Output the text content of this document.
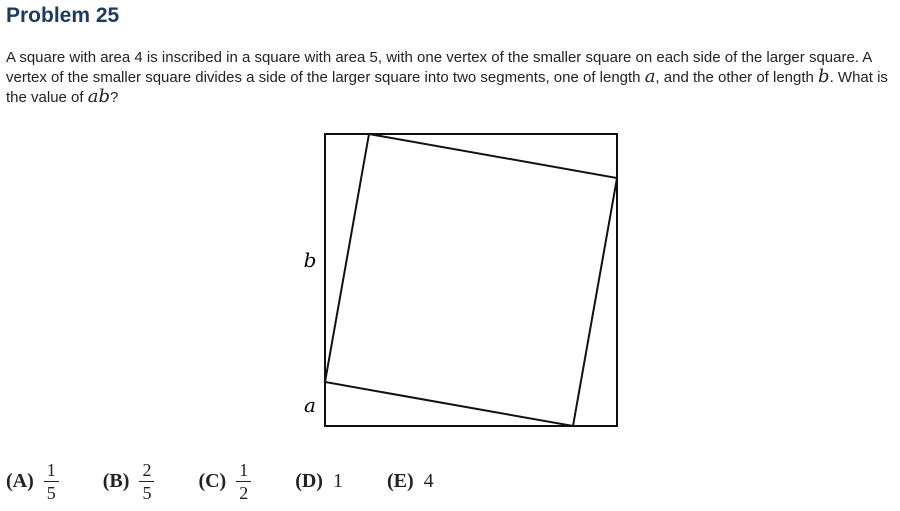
Problem 25
A square with area 4 is inscribed in a square with area 5, with one vertex of the smaller square on each side of the larger square. A vertex of the smaller square divides a side of the larger square into two segments, one of length a, and the other of length b. What is the value of ab?
b
a
$(A) \frac{1}{5} (B) \frac{2}{5} (C) \frac{1}{2} (D)$ 1 (E) 4
